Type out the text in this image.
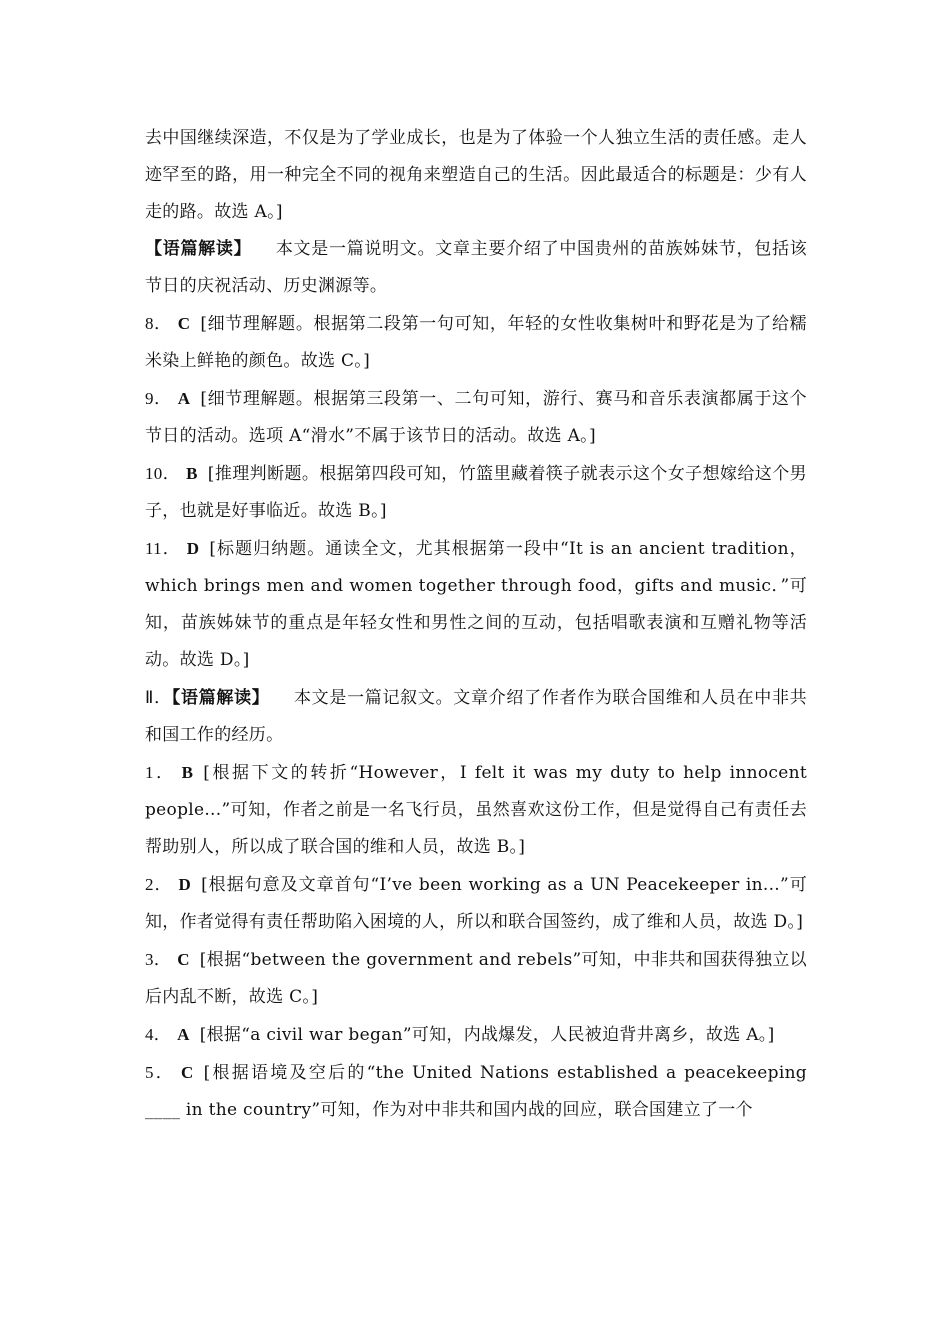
去中国继续深造，不仅是为了学业成长，也是为了体验一个人独立生活的责任感。走人迹罕至的路，用一种完全不同的视角来塑造自己的生活。因此最适合的标题是：少有人走的路。故选 A。]

【语篇解读】 本文是一篇说明文。文章主要介绍了中国贵州的苗族姊妹节，包括该节日的庆祝活动、历史渊源等。

8． C [细节理解题。根据第二段第一句可知，年轻的女性收集树叶和野花是为了给糯米染上鲜艳的颜色。故选 C。]

9． A [细节理解题。根据第三段第一、二句可知，游行、赛马和音乐表演都属于这个节日的活动。选项 A“滑水”不属于该节日的活动。故选 A。]

10． B [推理判断题。根据第四段可知，竹篮里藏着筷子就表示这个女子想嫁给这个男子，也就是好事临近。故选 B。]

11． D [标题归纳题。通读全文，尤其根据第一段中“It is an ancient tradition，which brings men and women together through food，gifts and music．”可知，苗族姊妹节的重点是年轻女性和男性之间的互动，包括唱歌表演和互赠礼物等活动。故选 D。]

Ⅱ．【语篇解读】 本文是一篇记叙文。文章介绍了作者作为联合国维和人员在中非共和国工作的经历。

1． B [根据下文的转折“However，I felt it was my duty to help innocent people...”可知，作者之前是一名飞行员，虽然喜欢这份工作，但是觉得自己有责任去帮助别人，所以成了联合国的维和人员，故选 B。]

2． D [根据句意及文章首句“I’ve been working as a UN Peacekeeper in...”可知，作者觉得有责任帮助陷入困境的人，所以和联合国签约，成了维和人员，故选 D。]

3． C [根据“between the government and rebels”可知，中非共和国获得独立以后内乱不断，故选 C。]

4． A [根据“a civil war began”可知，内战爆发，人民被迫背井离乡，故选 A。]

5． C [根据语境及空后的“the United Nations established a peacekeeping ____ in the country”可知，作为对中非共和国内战的回应，联合国建立了一个
